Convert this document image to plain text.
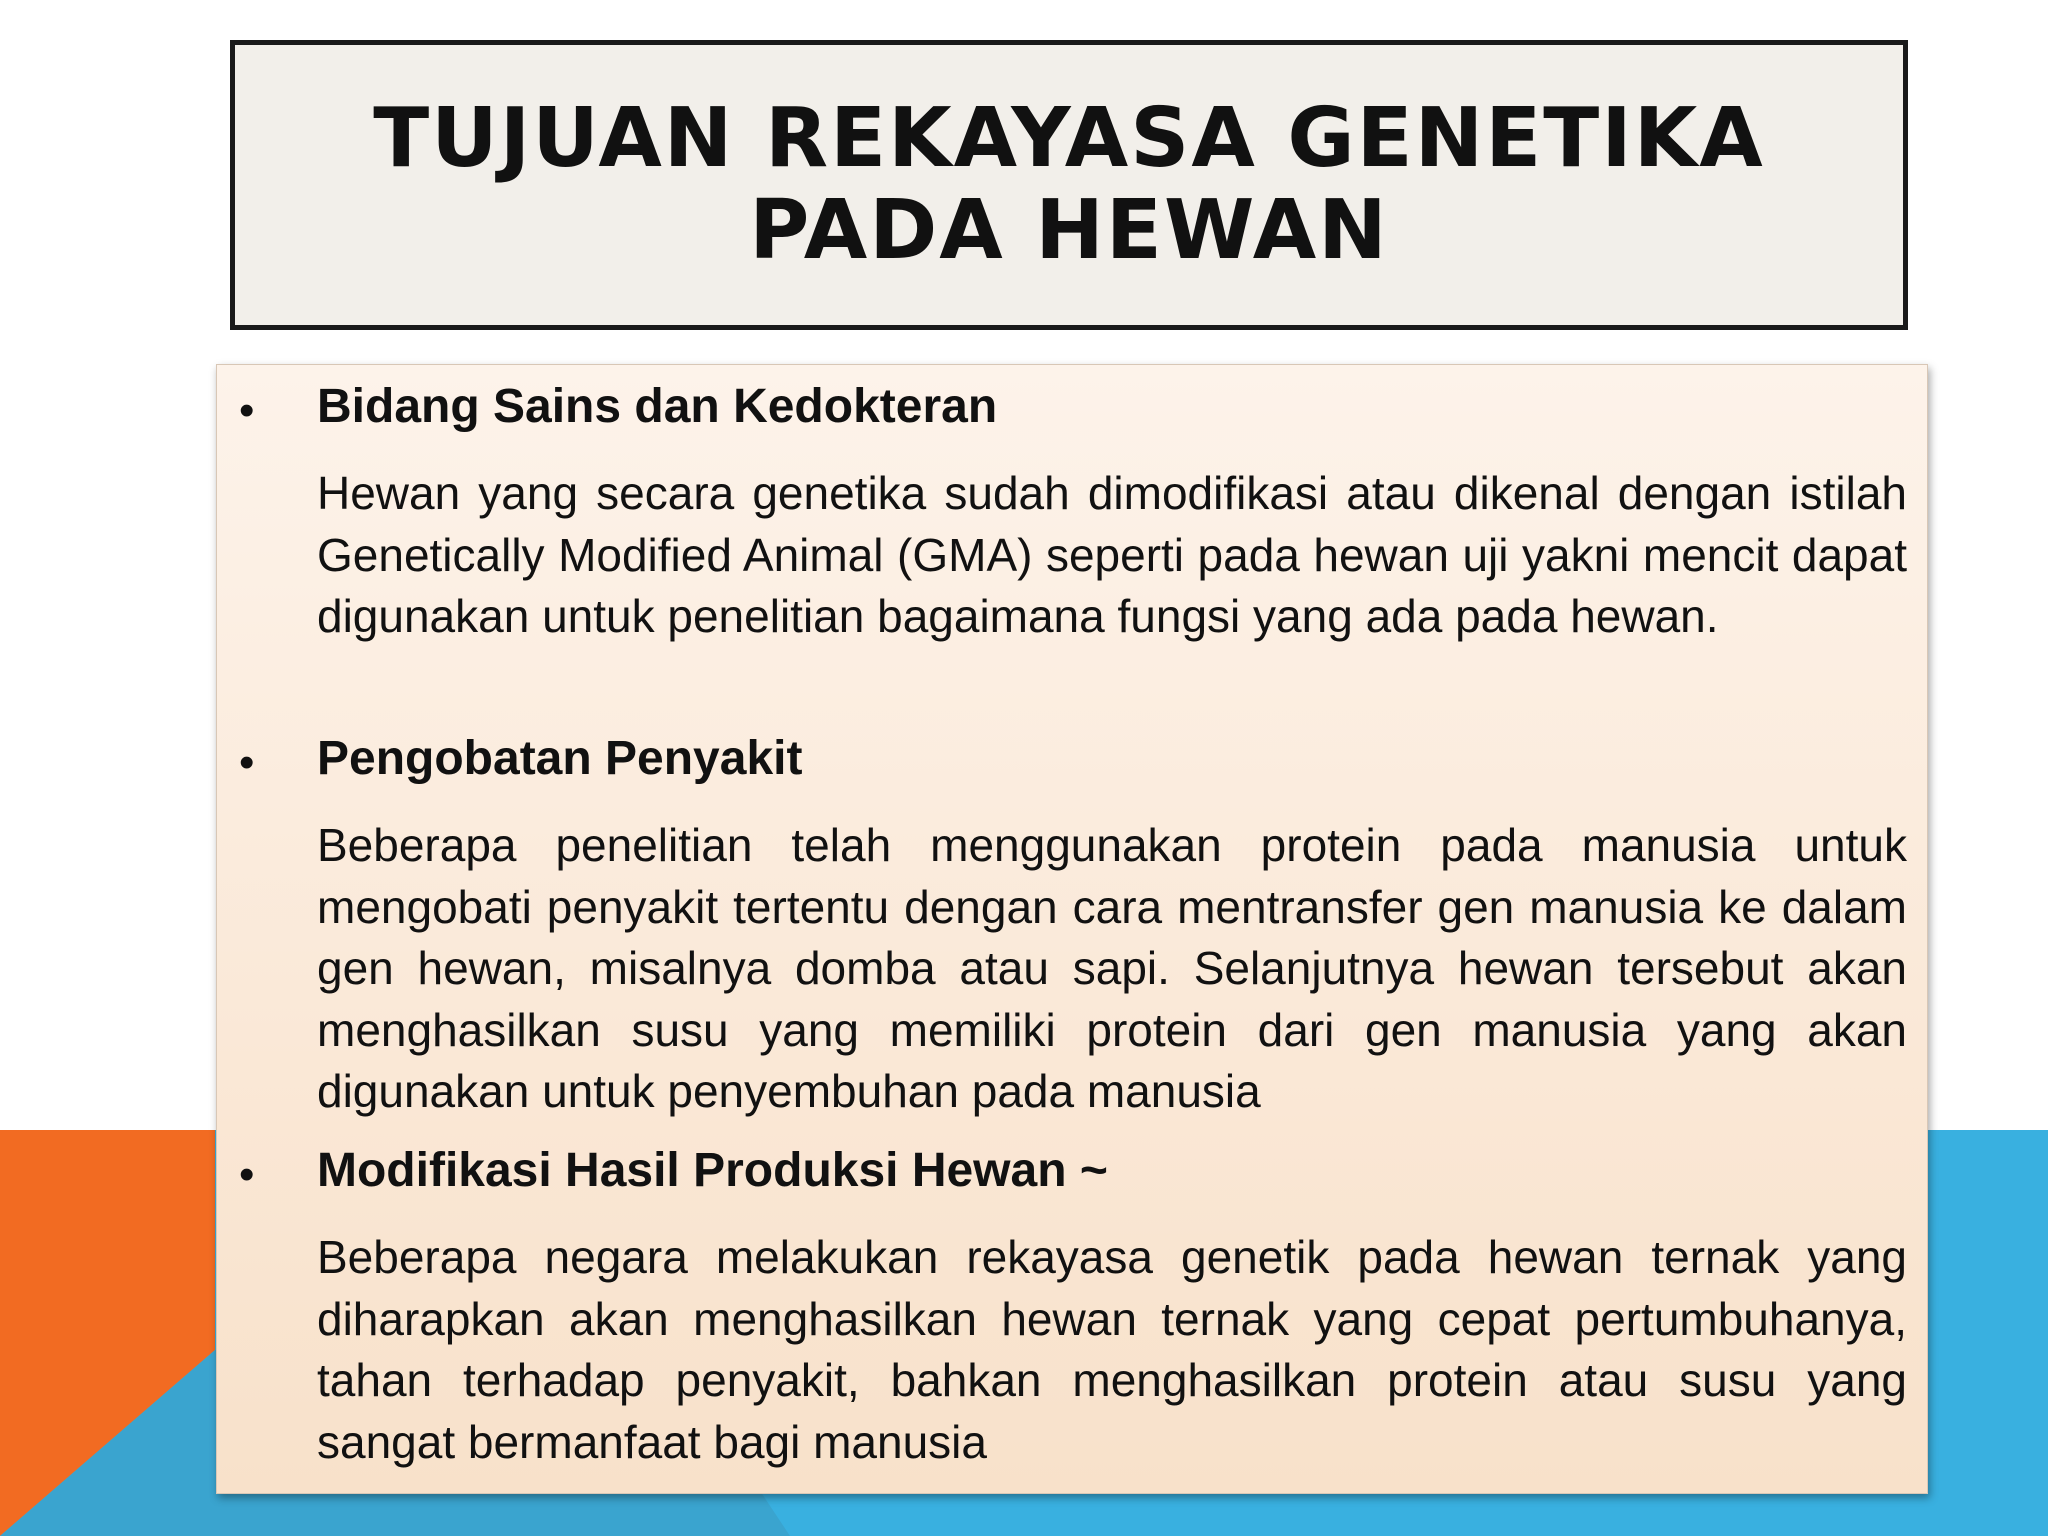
TUJUAN REKAYASA GENETIKA PADA HEWAN
• Bidang Sains dan Kedokteran

Hewan yang secara genetika sudah dimodifikasi atau dikenal dengan istilah Genetically Modified Animal (GMA) seperti pada hewan uji yakni mencit dapat digunakan untuk penelitian bagaimana fungsi yang ada pada hewan.

• Pengobatan Penyakit

Beberapa penelitian telah menggunakan protein pada manusia untuk mengobati penyakit tertentu dengan cara mentransfer gen manusia ke dalam gen hewan, misalnya domba atau sapi. Selanjutnya hewan tersebut akan menghasilkan susu yang memiliki protein dari gen manusia yang akan digunakan untuk penyembuhan pada manusia

• Modifikasi Hasil Produksi Hewan ~

Beberapa negara melakukan rekayasa genetik pada hewan ternak yang diharapkan akan menghasilkan hewan ternak yang cepat pertumbuhanya, tahan terhadap penyakit, bahkan menghasilkan protein atau susu yang sangat bermanfaat bagi manusia
